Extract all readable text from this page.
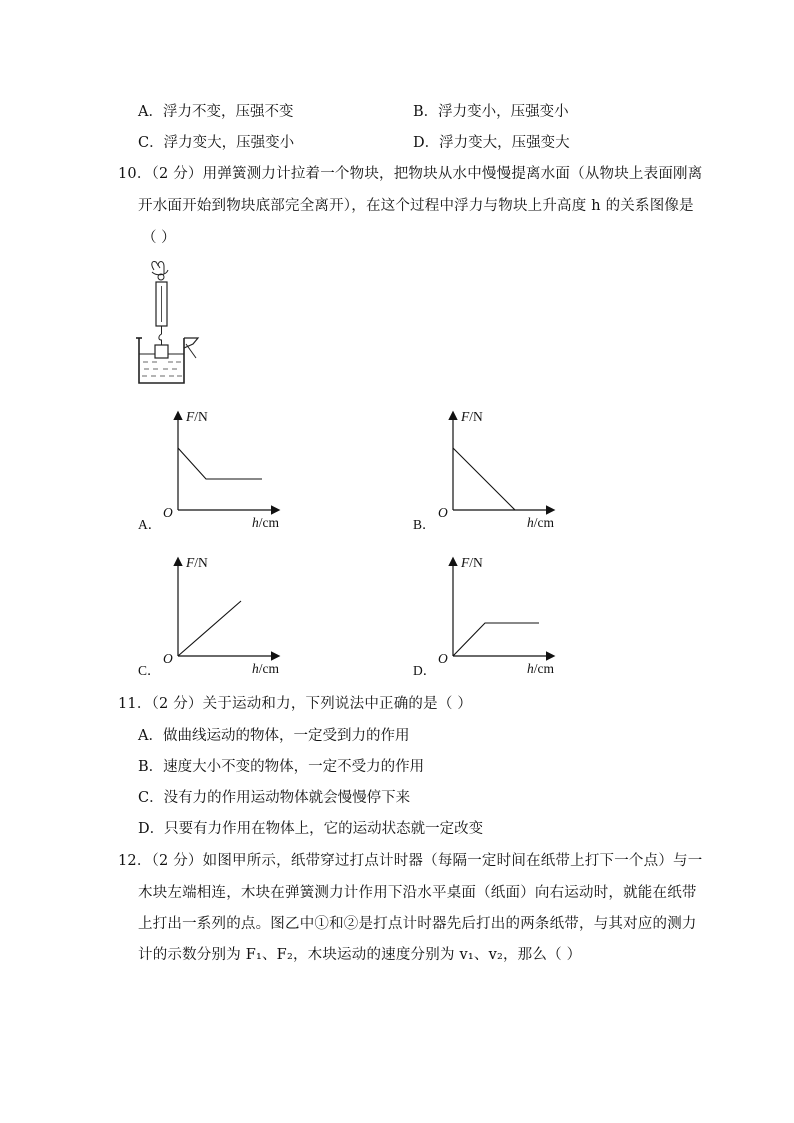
A．浮力不变，压强不变	B．浮力变小，压强变小
C．浮力变大，压强变小	D．浮力变大，压强变大
10．（2 分）用弹簧测力计拉着一个物块，把物块从水中慢慢提离水面（从物块上表面刚离
开水面开始到物块底部完全离开），在这个过程中浮力与物块上升高度 h 的关系图像是
（ ）
F/N
O
h/cm
A．
F/N
O
h/cm
B．
F/N
O
h/cm
C．
F/N
O
h/cm
D．
11．（2 分）关于运动和力，下列说法中正确的是（ ）
A．做曲线运动的物体，一定受到力的作用
B．速度大小不变的物体，一定不受力的作用
C．没有力的作用运动物体就会慢慢停下来
D．只要有力作用在物体上，它的运动状态就一定改变
12．（2 分）如图甲所示，纸带穿过打点计时器（每隔一定时间在纸带上打下一个点）与一
木块左端相连，木块在弹簧测力计作用下沿水平桌面（纸面）向右运动时，就能在纸带
上打出一系列的点。图乙中①和②是打点计时器先后打出的两条纸带，与其对应的测力
计的示数分别为 F₁、F₂，木块运动的速度分别为 v₁、v₂，那么（ ）
